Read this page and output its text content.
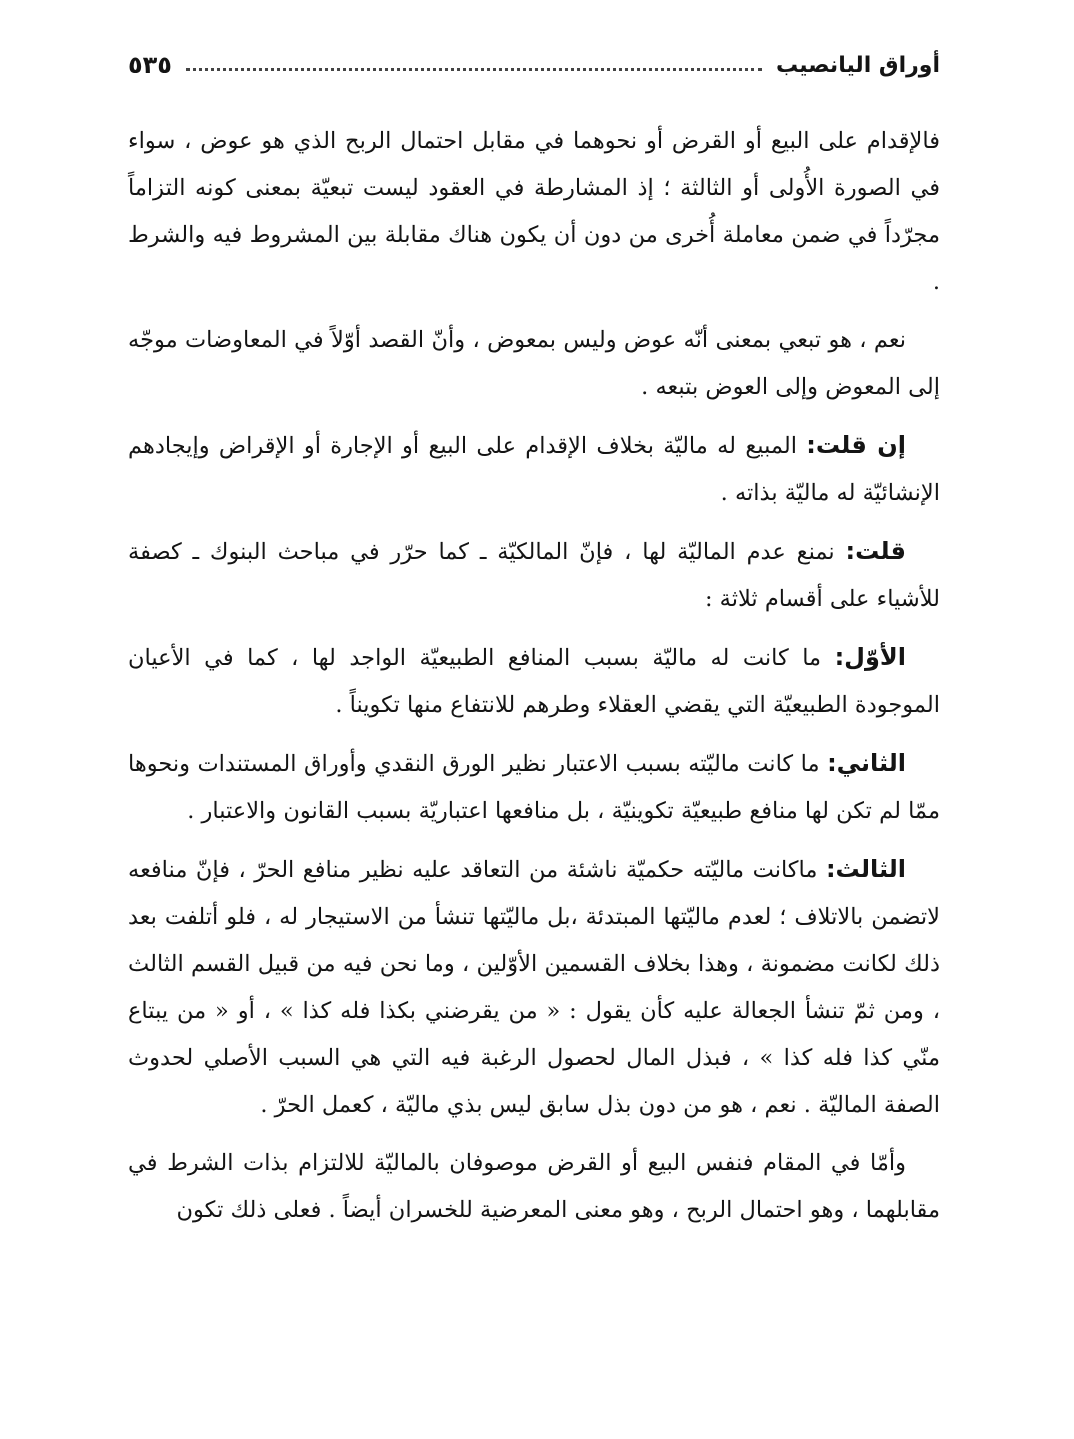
أوراق اليانصيب
٥٣٥

فالإقدام على البيع أو القرض أو نحوهما في مقابل احتمال الربح الذي هو عوض ، سواء في الصورة الأُولى أو الثالثة ؛ إذ المشارطة في العقود ليست تبعيّة بمعنى كونه التزاماً مجرّداً في ضمن معاملة أُخرى من دون أن يكون هناك مقابلة بين المشروط فيه والشرط .

نعم ، هو تبعي بمعنى أنّه عوض وليس بمعوض ، وأنّ القصد أوّلاً في المعاوضات موجّه إلى المعوض وإلى العوض بتبعه .

إن قلت: المبيع له ماليّة بخلاف الإقدام على البيع أو الإجارة أو الإقراض وإيجادهم الإنشائيّة له ماليّة بذاته .

قلت: نمنع عدم الماليّة لها ، فإنّ المالكيّة ـ كما حرّر في مباحث البنوك ـ كصفة للأشياء على أقسام ثلاثة :

الأوّل: ما كانت له ماليّة بسبب المنافع الطبيعيّة الواجد لها ، كما في الأعيان الموجودة الطبيعيّة التي يقضي العقلاء وطرهم للانتفاع منها تكويناً .

الثاني: ما كانت ماليّته بسبب الاعتبار نظير الورق النقدي وأوراق المستندات ونحوها ممّا لم تكن لها منافع طبيعيّة تكوينيّة ، بل منافعها اعتباريّة بسبب القانون والاعتبار .

الثالث: ماكانت ماليّته حكميّة ناشئة من التعاقد عليه نظير منافع الحرّ ، فإنّ منافعه لاتضمن بالاتلاف ؛ لعدم ماليّتها المبتدئة ،بل ماليّتها تنشأ من الاستيجار له ، فلو أتلفت بعد ذلك لكانت مضمونة ، وهذا بخلاف القسمين الأوّلين ، وما نحن فيه من قبيل القسم الثالث ، ومن ثمّ تنشأ الجعالة عليه كأن يقول : « من يقرضني بكذا فله كذا » ، أو « من يبتاع منّي كذا فله كذا » ، فبذل المال لحصول الرغبة فيه التي هي السبب الأصلي لحدوث الصفة الماليّة . نعم ، هو من دون بذل سابق ليس بذي ماليّة ، كعمل الحرّ .

وأمّا في المقام فنفس البيع أو القرض موصوفان بالماليّة للالتزام بذات الشرط في مقابلهما ، وهو احتمال الربح ، وهو معنى المعرضية للخسران أيضاً . فعلى ذلك تكون
